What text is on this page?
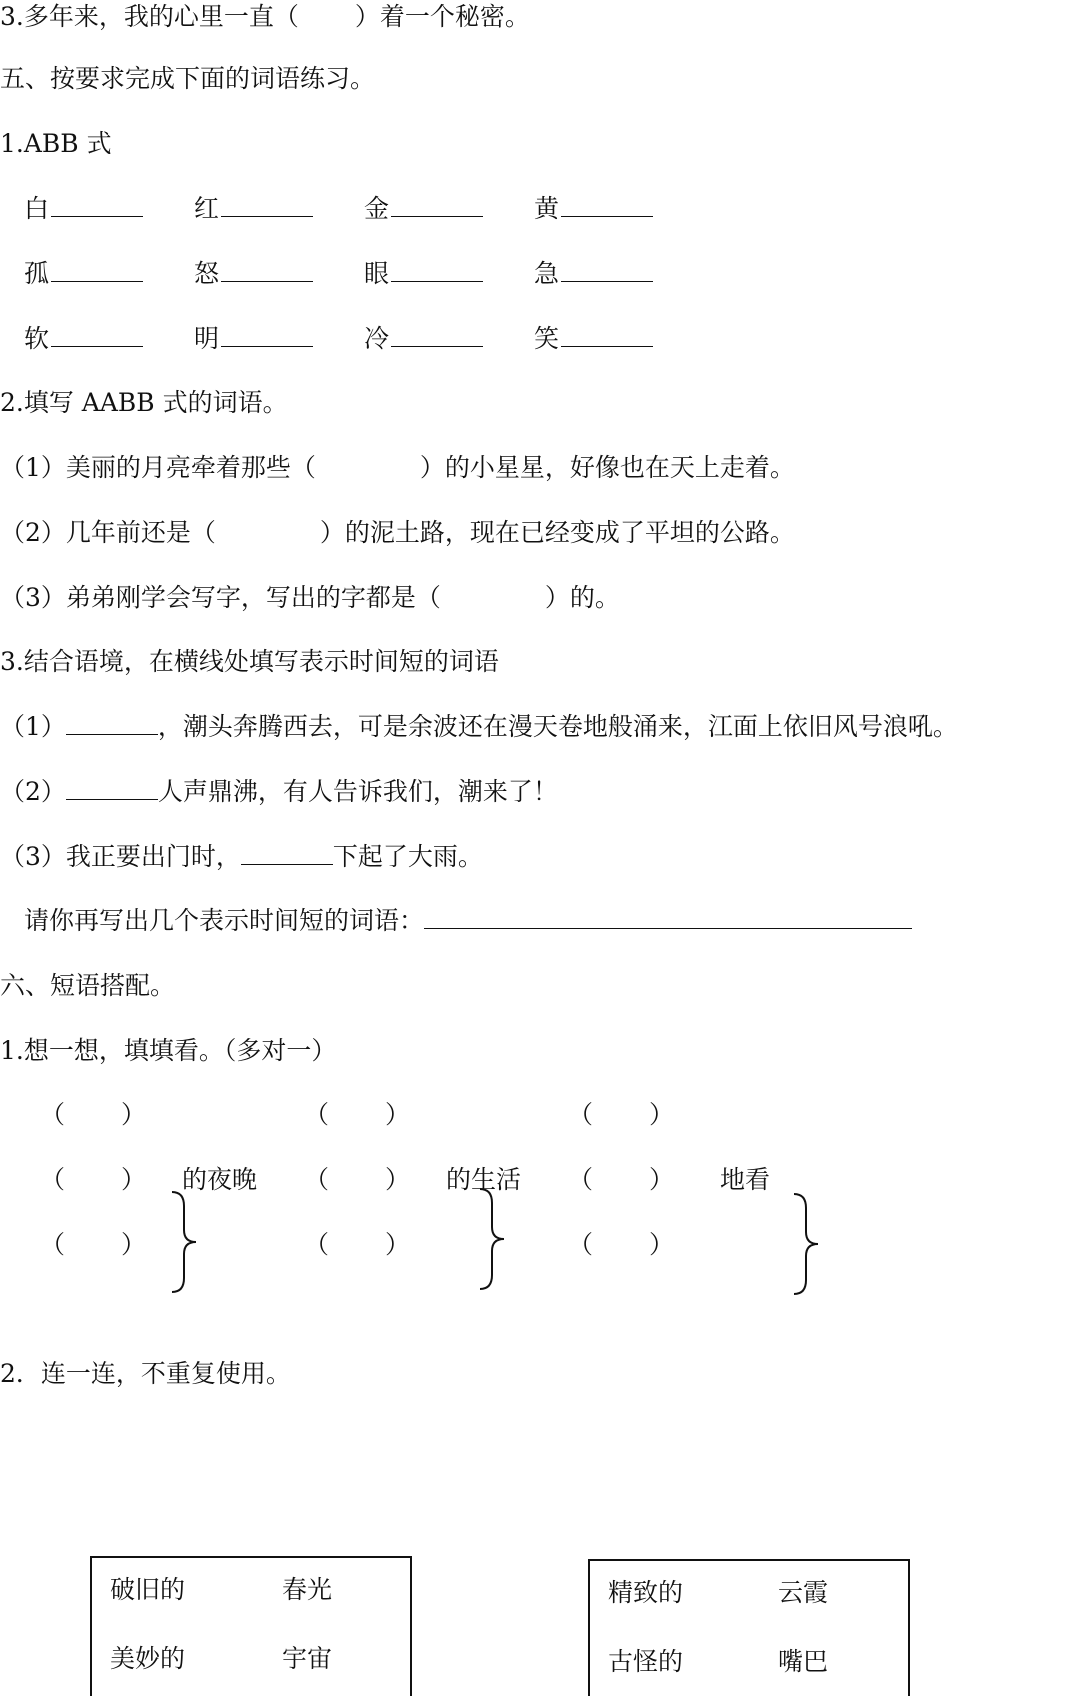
3.多年来，我的心里一直（ ）着一个秘密。
五、按要求完成下面的词语练习。
1.ABB 式
白	红	金	黄
孤	怒	眼	急
软	明	冷	笑
2.填写 AABB 式的词语。
（1）美丽的月亮牵着那些（	）的小星星，好像也在天上走着。
（2）几年前还是（	）的泥土路，现在已经变成了平坦的公路。
（3）弟弟刚学会写字，写出的字都是（	）的。
3.结合语境，在横线处填写表示时间短的词语
（1）	，潮头奔腾西去，可是余波还在漫天卷地般涌来，江面上依旧风号浪吼。
（2）	人声鼎沸，有人告诉我们，潮来了！
（3）我正要出门时，	下起了大雨。
请你再写出几个表示时间短的词语：
六、短语搭配。
1.想一想，填填看。（多对一）
（ ）
（ ）
（ ）
的夜晚
（ ）
（ ）
（ ）
的生活
（ ）
（ ）
（ ）
地看
2．连一连，不重复使用。
破旧的	春光
美妙的	宇宙
精致的	云霞
古怪的	嘴巴
